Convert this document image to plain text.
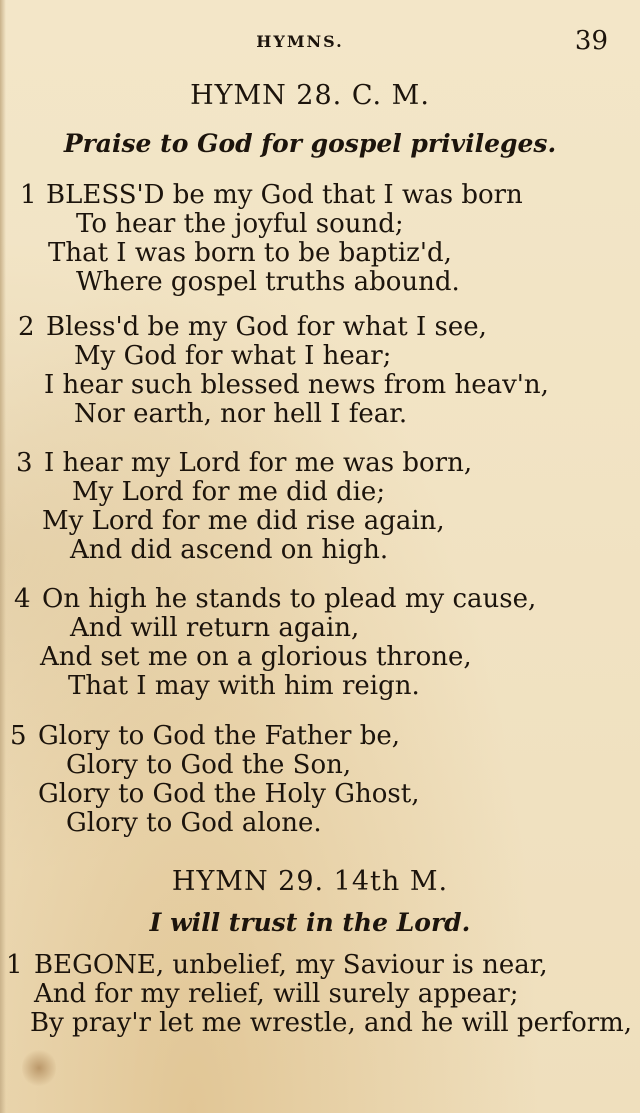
HYMNS.	39
HYMN 28. C. M.
Praise to God for gospel privileges.
1 BLESS'D be my God that I was born
To hear the joyful sound;
That I was born to be baptiz'd,
Where gospel truths abound.
2 Bless'd be my God for what I see,
My God for what I hear;
I hear such blessed news from heav'n,
Nor earth, nor hell I fear.
3 I hear my Lord for me was born,
My Lord for me did die;
My Lord for me did rise again,
And did ascend on high.
4 On high he stands to plead my cause,
And will return again,
And set me on a glorious throne,
That I may with him reign.
5 Glory to God the Father be,
Glory to God the Son,
Glory to God the Holy Ghost,
Glory to God alone.
HYMN 29. 14th M.
I will trust in the Lord.
1 BEGONE, unbelief, my Saviour is near,
And for my relief, will surely appear;
By pray'r let me wrestle, and he will perform,
